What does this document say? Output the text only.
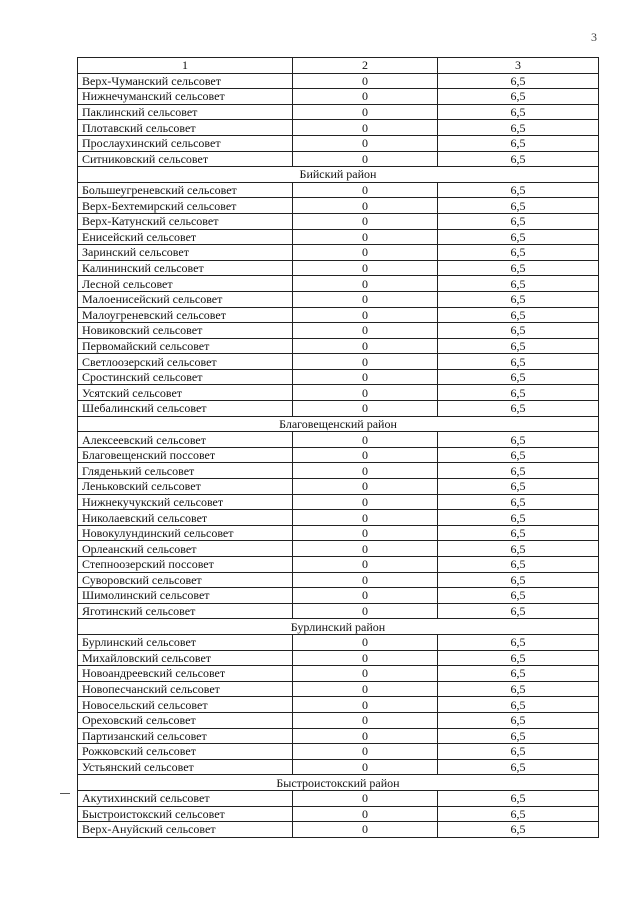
3
1	2	3
Верх-Чуманский сельсовет	0	6,5
Нижнечуманский сельсовет	0	6,5
Паклинский сельсовет	0	6,5
Плотавский сельсовет	0	6,5
Прослаухинский сельсовет	0	6,5
Ситниковский сельсовет	0	6,5
Бийский район		
Большеугреневский сельсовет	0	6,5
Верх-Бехтемирский сельсовет	0	6,5
Верх-Катунский сельсовет	0	6,5
Енисейский сельсовет	0	6,5
Заринский сельсовет	0	6,5
Калининский сельсовет	0	6,5
Лесной сельсовет	0	6,5
Малоенисейский сельсовет	0	6,5
Малоугреневский сельсовет	0	6,5
Новиковский сельсовет	0	6,5
Первомайский сельсовет	0	6,5
Светлоозерский сельсовет	0	6,5
Сростинский сельсовет	0	6,5
Усятский сельсовет	0	6,5
Шебалинский сельсовет	0	6,5
Благовещенский район		
Алексеевский сельсовет	0	6,5
Благовещенский поссовет	0	6,5
Гляденький сельсовет	0	6,5
Леньковский сельсовет	0	6,5
Нижнекучукский сельсовет	0	6,5
Николаевский сельсовет	0	6,5
Новокулундинский сельсовет	0	6,5
Орлеанский сельсовет	0	6,5
Степноозерский поссовет	0	6,5
Суворовский сельсовет	0	6,5
Шимолинский сельсовет	0	6,5
Яготинский сельсовет	0	6,5
Бурлинский район		
Бурлинский сельсовет	0	6,5
Михайловский сельсовет	0	6,5
Новоандреевский сельсовет	0	6,5
Новопесчанский сельсовет	0	6,5
Новосельский сельсовет	0	6,5
Ореховский сельсовет	0	6,5
Партизанский сельсовет	0	6,5
Рожковский сельсовет	0	6,5
Устьянский сельсовет	0	6,5
Быстроистокский район		
Акутихинский сельсовет	0	6,5
Быстроистокский сельсовет	0	6,5
Верх-Ануйский сельсовет	0	6,5
